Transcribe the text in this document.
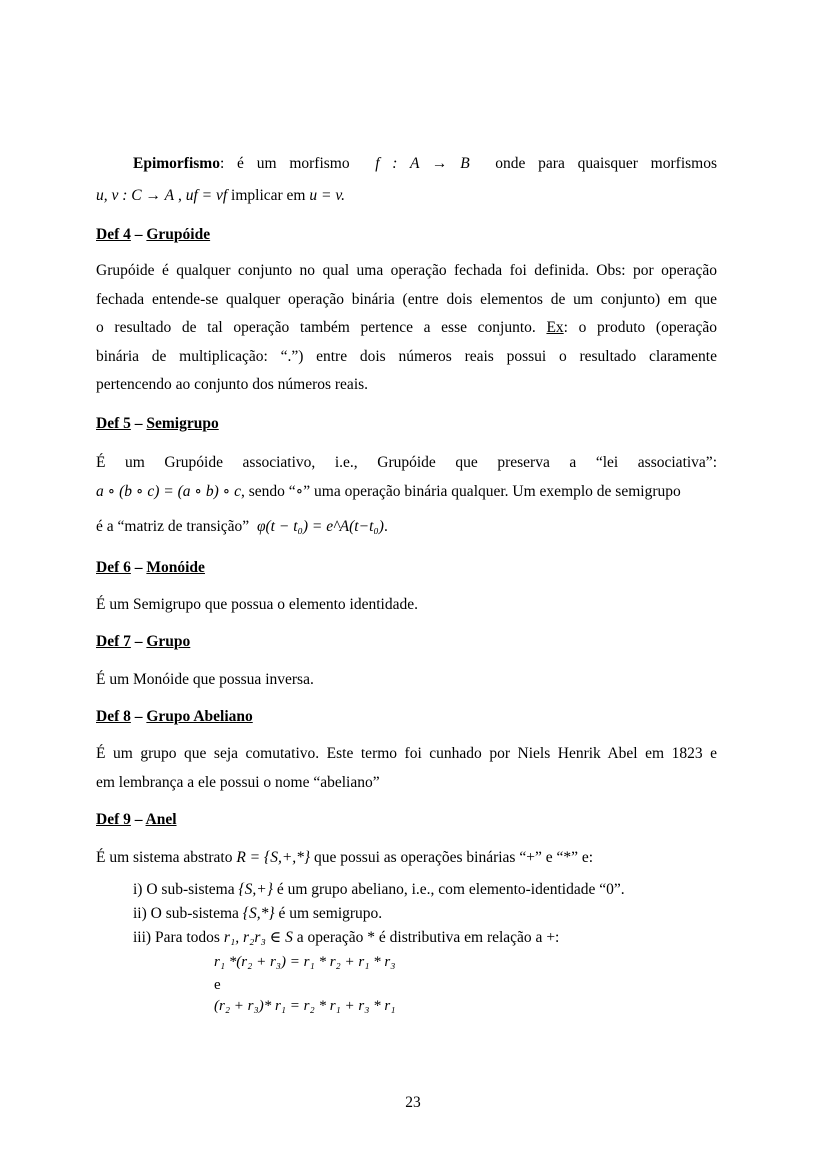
Epimorfismo: é um morfismo f : A → B onde para quaisquer morfismos
u, v : C → A , uf = vf implicar em u = v.
Def 4 – Grupóide
Grupóide é qualquer conjunto no qual uma operação fechada foi definida. Obs: por operação
fechada entende-se qualquer operação binária (entre dois elementos de um conjunto) em que
o resultado de tal operação também pertence a esse conjunto. Ex: o produto (operação
binária de multiplicação: “.”) entre dois números reais possui o resultado claramente
pertencendo ao conjunto dos números reais.
Def 5 – Semigrupo
É um Grupóide associativo, i.e., Grupóide que preserva a “lei associativa”:
a ∘ (b ∘ c) = (a ∘ b) ∘ c, sendo “∘” uma operação binária qualquer. Um exemplo de semigrupo
é a “matriz de transição” φ(t − t₀) = e^A(t−t₀).
Def 6 – Monóide
É um Semigrupo que possua o elemento identidade.
Def 7 – Grupo
É um Monóide que possua inversa.
Def 8 – Grupo Abeliano
É um grupo que seja comutativo. Este termo foi cunhado por Niels Henrik Abel em 1823 e
em lembrança a ele possui o nome “abeliano”
Def 9 – Anel
É um sistema abstrato R = {S,+,*} que possui as operações binárias “+” e “*” e:
i) O sub-sistema {S,+} é um grupo abeliano, i.e., com elemento-identidade “0”.
ii) O sub-sistema {S,*} é um semigrupo.
iii) Para todos r₁, r₂r₃ ∈ S a operação * é distributiva em relação a +:
r₁ *(r₂ + r₃) = r₁ * r₂ + r₁ * r₃
e
(r₂ + r₃)* r₁ = r₂ * r₁ + r₃ * r₁
23
